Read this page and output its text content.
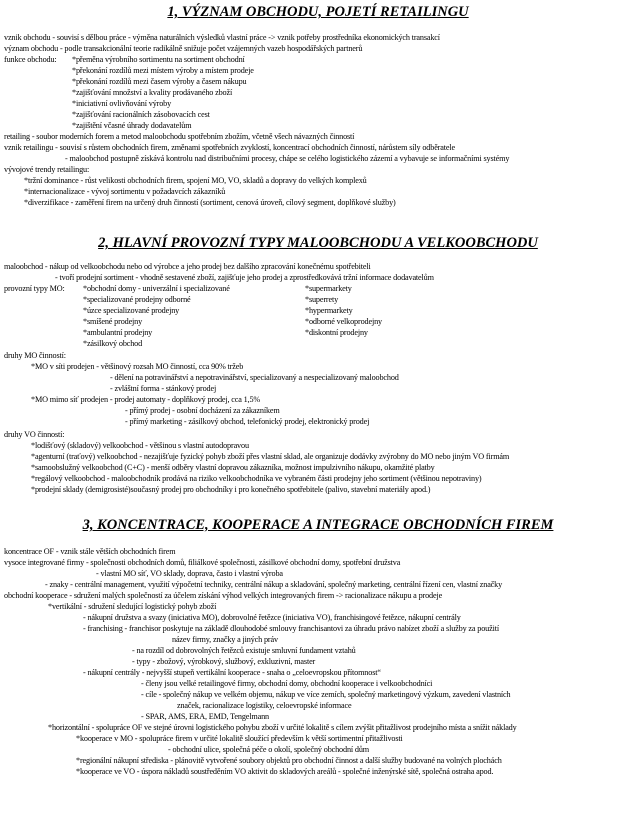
1, VÝZNAM OBCHODU, POJETÍ RETAILINGU
vznik obchodu - souvisí s dělbou práce - výměna naturálních výsledků vlastní práce -> vznik potřeby prostředníka ekonomických transakcí
význam obchodu - podle transakcionální teorie radikálně snižuje počet vzájemných vazeb hospodářských partnerů
funkce obchodu: *přeměna výrobního sortimentu na sortiment obchodní
*překonání rozdílů mezi místem výroby a místem prodeje
*překonání rozdílů mezi časem výroby a časem nákupu
*zajišťování množství a kvality prodávaného zboží
*iniciativní ovlivňování výroby
*zajišťování racionálních zásobovacích cest
*zajištění včasné úhrady dodavatelům
retailing - soubor moderních forem a metod maloobchodu spotřebním zbožím, včetně všech návazných činností
vznik retailingu - souvisí s růstem obchodních firem, změnami spotřebních zvyklostí, koncentrací obchodních činností, nárůstem síly odběratele
- maloobchod postupně získává kontrolu nad distribučními procesy, chápe se celého logistického zázemí a vybavuje se informačními systémy
vývojové trendy retailingu:
*tržní dominance - růst velikosti obchodních firem, spojení MO, VO, skladů a dopravy do velkých komplexů
*internacionalizace - vývoj sortimentu v požadavcích zákazníků
*diverzifikace - zaměření firem na určený druh činností (sortiment, cenová úroveň, cílový segment, doplňkové služby)
2, HLAVNÍ PROVOZNÍ TYPY MALOOBCHODU A VELKOOBCHODU
maloobchod - nákup od velkoobchodu nebo od výrobce a jeho prodej bez dalšího zpracování konečnému spotřebiteli
- tvoří prodejní sortiment - vhodně sestavené zboží, zajišťuje jeho prodej a zprostředkovává tržní informace dodavatelům
provozní typy MO: *obchodní domy - univerzální i specializované
*specializované prodejny odborné
*úzce specializované prodejny
*smíšené prodejny
*ambulantní prodejny
*zásilkový obchod
*supermarkety
*superrety
*hypermarkety
*odborné velkoprodejny
*diskontní prodejny
druhy MO činností:
*MO v síti prodejen - většinový rozsah MO činností, cca 90% tržeb
- dělení na potravinářství a nepotravinářství, specializovaný a nespecializovaný maloobchod
- zvláštní forma - stánkový prodej
*MO mimo síť prodejen - prodej automaty - doplňkový prodej, cca 1,5%
- přímý prodej - osobní docházení za zákazníkem
- přímý marketing - zásilkový obchod, telefonický prodej, elektronický prodej
druhy VO činností:
*lodišťový (skladový) velkoobchod - většinou s vlastní autodopravou
*agenturní (traťový) velkoobchod - nezajišťuje fyzický pohyb zboží přes vlastní sklad, ale organizuje dodávky zvýrobny do MO nebo jiným VO firmám
*samoobslužný velkoobchod (C+C) - menší odběry vlastní dopravou zákazníka, možnost impulzivního nákupu, okamžité platby
*regálový velkoobchod - maloobchodník prodává na riziko velkoobchodníka ve vybraném části prodejny jeho sortiment (většinou nepotraviny)
*prodejní sklady (demigrosisté)současný prodej pro obchodníky i pro konečného spotřebitele (palivo, stavební materiály apod.)
3, KONCENTRACE, KOOPERACE A INTEGRACE OBCHODNÍCH FIREM
koncentrace OF - vznik stále větších obchodních firem
vysoce integrované firmy - společnosti obchodních domů, filiálkové společnosti, zásilkové obchodní domy, spotřební družstva
- vlastní MO síť, VO sklady, doprava, často i vlastní výroba
- znaky - centrální management, využití výpočetní techniky, centrální nákup a skladování, společný marketing, centrální řízení cen, vlastní značky
obchodní kooperace - sdružení malých společností za účelem získání výhod velkých integrovaných firem -> racionalizace nákupu a prodeje
*vertikální - sdružení sledující logistický pohyb zboží
- nákupní družstva a svazy (iniciativa MO), dobrovolné řetězce (iniciativa VO), franchisingové řetězce, nákupní centrály
- franchising - franchisor poskytuje na základě dlouhodobé smlouvy franchisantovi za úhradu právo nabízet zboží a služby za použití
název firmy, značky a jiných práv
- na rozdíl od dobrovolných řetězců existuje smluvní fundament vztahů
- typy - zbožový, výrobkový, službový, exkluzivní, master
- nákupní centrály - nejvyšší stupeň vertikální kooperace - snaha o „celoevropskou přítomnost“
- členy jsou velké retailingové firmy, obchodní domy, obchodní kooperace i velkoobchodníci
- cíle - společný nákup ve velkém objemu, nákup ve více zemích, společný marketingový výzkum, zavedení vlastních
značek, racionalizace logistiky, celoevropské informace
- SPAR, AMS, ERA, EMD, Tengelmann
*horizontální - spolupráce OF ve stejné úrovni logistického pohybu zboží v určité lokalitě s cílem zvýšit přitažlivost prodejního místa a snížit náklady
*kooperace v MO - spolupráce firem v určité lokalitě sloužící především k větší sortimentní přitažlivosti
- obchodní ulice, společná péče o okolí, společný obchodní dům
*regionální nákupní střediska - plánovitě vytvořené soubory objektů pro obchodní činnost a další služby budované na volných plochách
*kooperace ve VO - úspora nákladů soustředěním VO aktivit do skladových areálů - společné inženýrské sítě, společná ostraha apod.
